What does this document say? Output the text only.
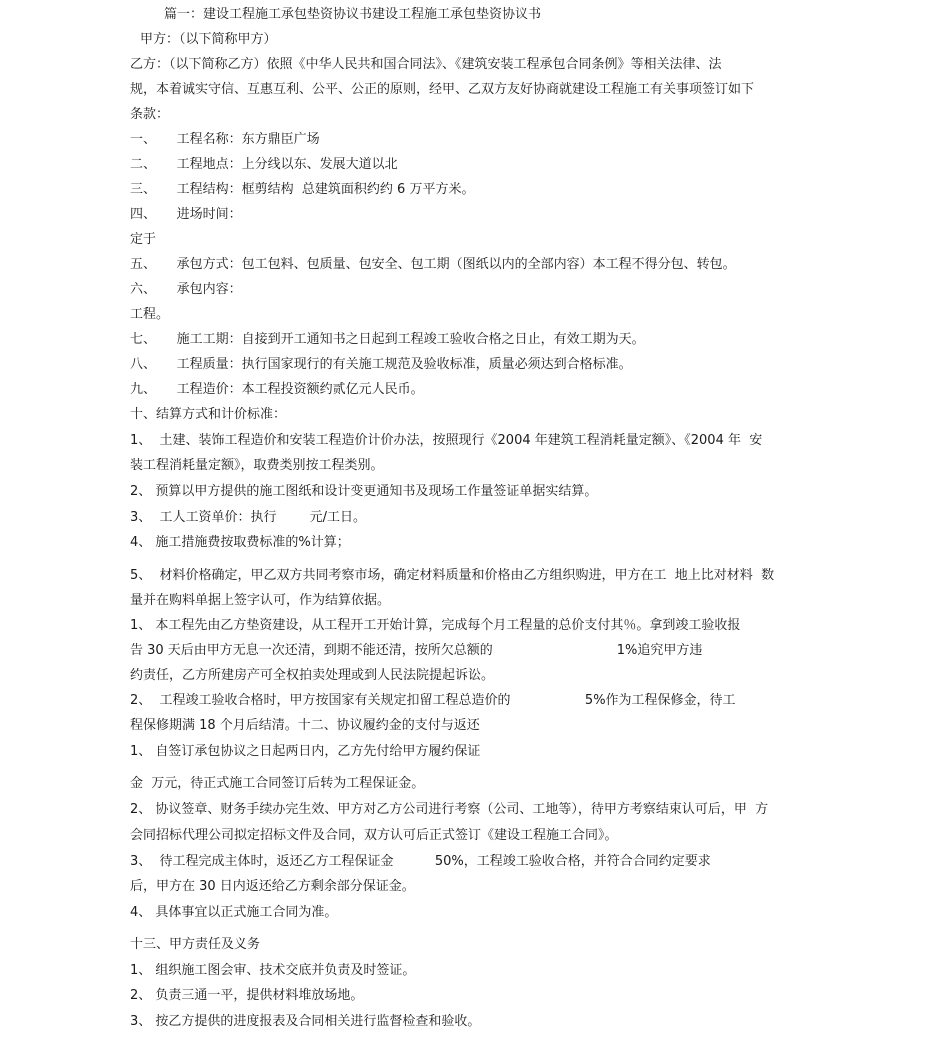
篇一：建设工程施工承包垫资协议书建设工程施工承包垫资协议书

甲方：（以下简称甲方）

乙方：（以下简称乙方）依照《中华人民共和国合同法》、《建筑安装工程承包合同条例》等相关法律、法

规，本着诚实守信、互惠互利、公平、公正的原则，经甲、乙双方友好协商就建设工程施工有关事项签订如下

条款：

一、     工程名称：东方鼎臣广场

二、     工程地点：上分线以东、发展大道以北

三、     工程结构：框剪结构  总建筑面积约约 6 万平方米。

四、     进场时间：

定于

五、     承包方式：包工包料、包质量、包安全、包工期（图纸以内的全部内容）本工程不得分包、转包。

六、     承包内容：

工程。

七、     施工工期：自接到开工通知书之日起到工程竣工验收合格之日止，有效工期为天。

八、     工程质量：执行国家现行的有关施工规范及验收标准，质量必须达到合格标准。

九、     工程造价：本工程投资额约贰亿元人民币。

十、结算方式和计价标准：

1、  土建、装饰工程造价和安装工程造价计价办法，按照现行《2004 年建筑工程消耗量定额》、《2004 年  安

装工程消耗量定额》，取费类别按工程类别。

2、 预算以甲方提供的施工图纸和设计变更通知书及现场工作量签证单据实结算。

3、  工人工资单价：执行        元/工日。

4、 施工措施费按取费标准的%计算；

5、  材料价格确定，甲乙双方共同考察市场，确定材料质量和价格由乙方组织购进，甲方在工  地上比对材料  数

量并在购料单据上签字认可，作为结算依据。

1、 本工程先由乙方垫资建设，从工程开工开始计算，完成每个月工程量的总价支付其％。拿到竣工验收报

告 30 天后由甲方无息一次还清，到期不能还清，按所欠总额的                              1%追究甲方违

约责任，乙方所建房产可全权拍卖处理或到人民法院提起诉讼。

2、  工程竣工验收合格时，甲方按国家有关规定扣留工程总造价的                  5%作为工程保修金，待工

程保修期满 18 个月后结清。十二、协议履约金的支付与返还

1、 自签订承包协议之日起两日内，乙方先付给甲方履约保证

金  万元，待正式施工合同签订后转为工程保证金。

2、 协议签章、财务手续办完生效、甲方对乙方公司进行考察（公司、工地等），待甲方考察结束认可后，甲  方

会同招标代理公司拟定招标文件及合同，双方认可后正式签订《建设工程施工合同》。

3、  待工程完成主体时，返还乙方工程保证金          50%，工程竣工验收合格，并符合合同约定要求

后，甲方在 30 日内返还给乙方剩余部分保证金。

4、 具体事宜以正式施工合同为准。

十三、甲方责任及义务

1、 组织施工图会审、技术交底并负责及时签证。

2、 负责三通一平，提供材料堆放场地。

3、 按乙方提供的进度报表及合同相关进行监督检查和验收。
